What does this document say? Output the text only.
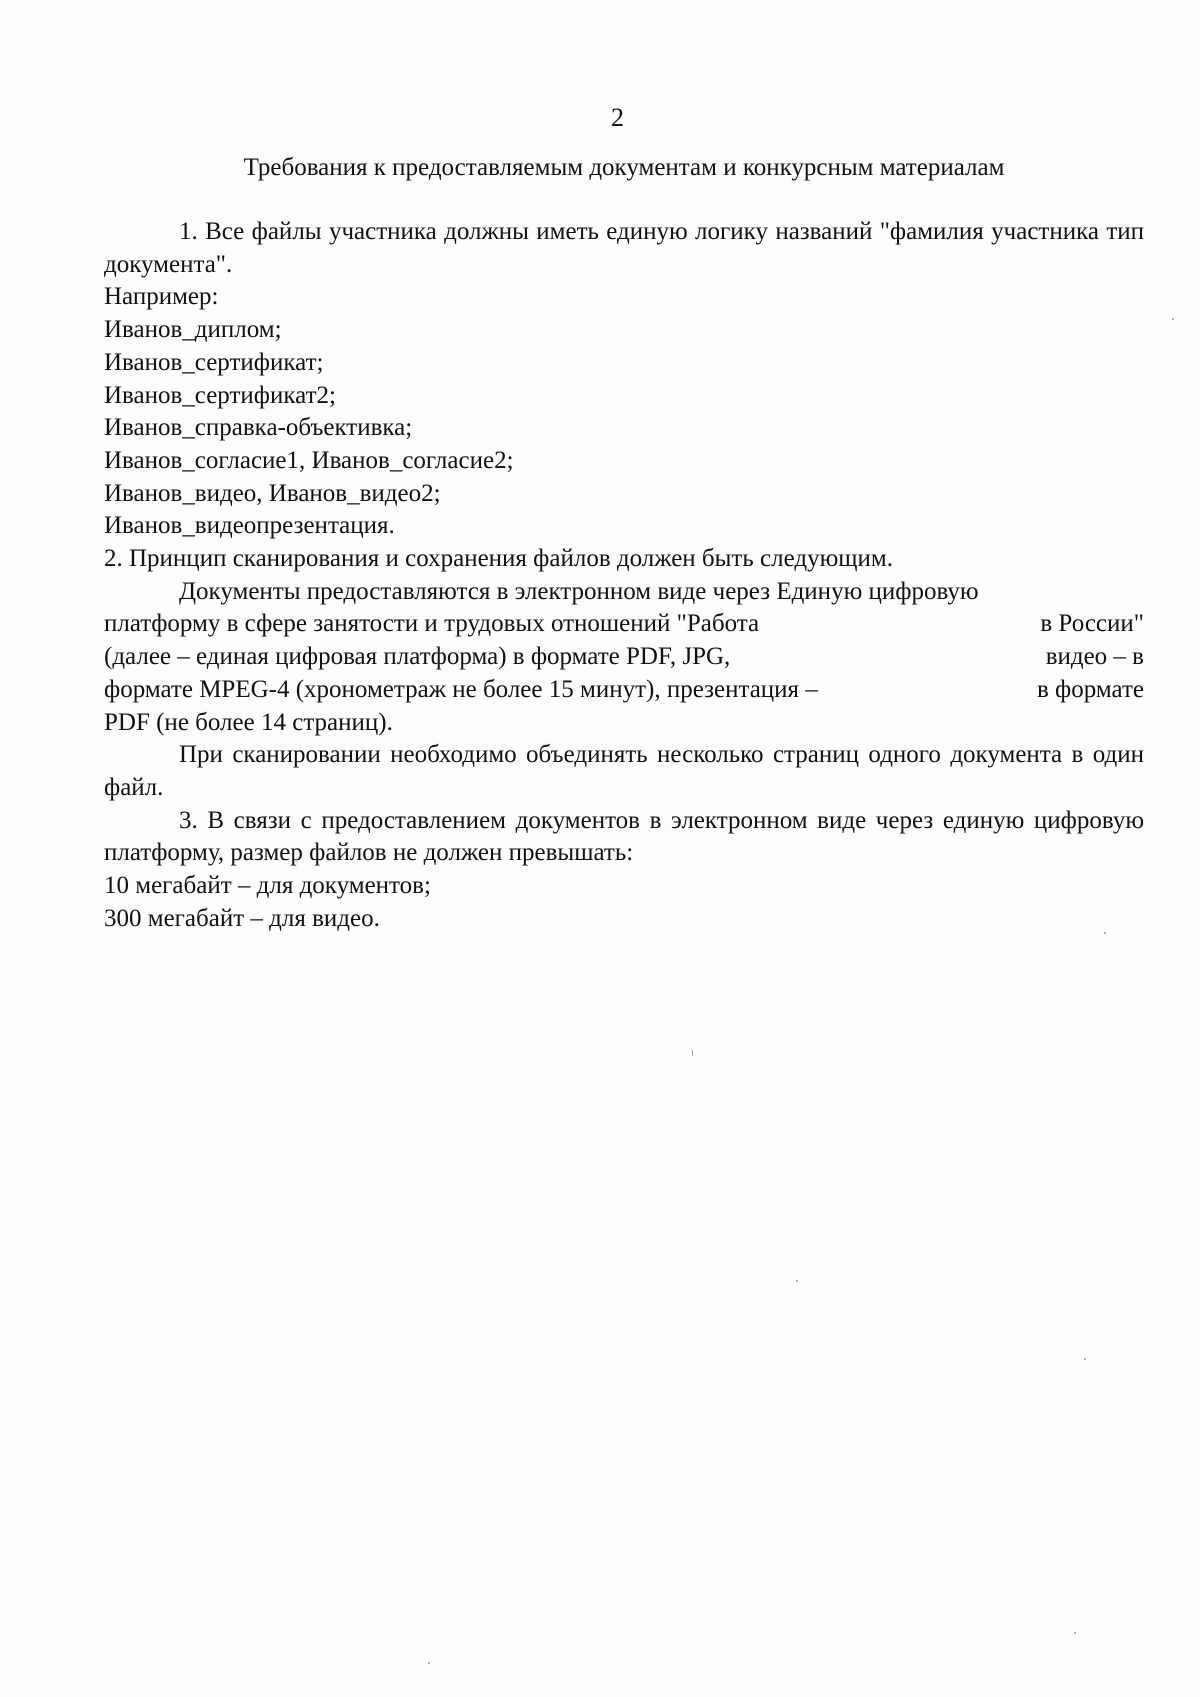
2
Требования к предоставляемым документам и конкурсным материалам

1. Все файлы участника должны иметь единую логику названий "фамилия участника тип документа".

Например:

Иванов_диплом;

Иванов_сертификат;

Иванов_сертификат2;

Иванов_справка-объективка;

Иванов_согласие1, Иванов_согласие2;

Иванов_видео, Иванов_видео2;

Иванов_видеопрезентация.

2. Принцип сканирования и сохранения файлов должен быть следующим.

Документы предоставляются в электронном виде через Единую цифровую
платформу в сфере занятости и трудовых отношений "Работа	в России"
(далее – единая цифровая платформа) в формате PDF, JPG,	видео – в
формате MPEG-4 (хронометраж не более 15 минут), презентация –	в формате
PDF (не более 14 страниц).

При сканировании необходимо объединять несколько страниц одного документа в один файл.

3. В связи с предоставлением документов в электронном виде через единую цифровую платформу, размер файлов не должен превышать:

10 мегабайт – для документов;

300 мегабайт – для видео.
